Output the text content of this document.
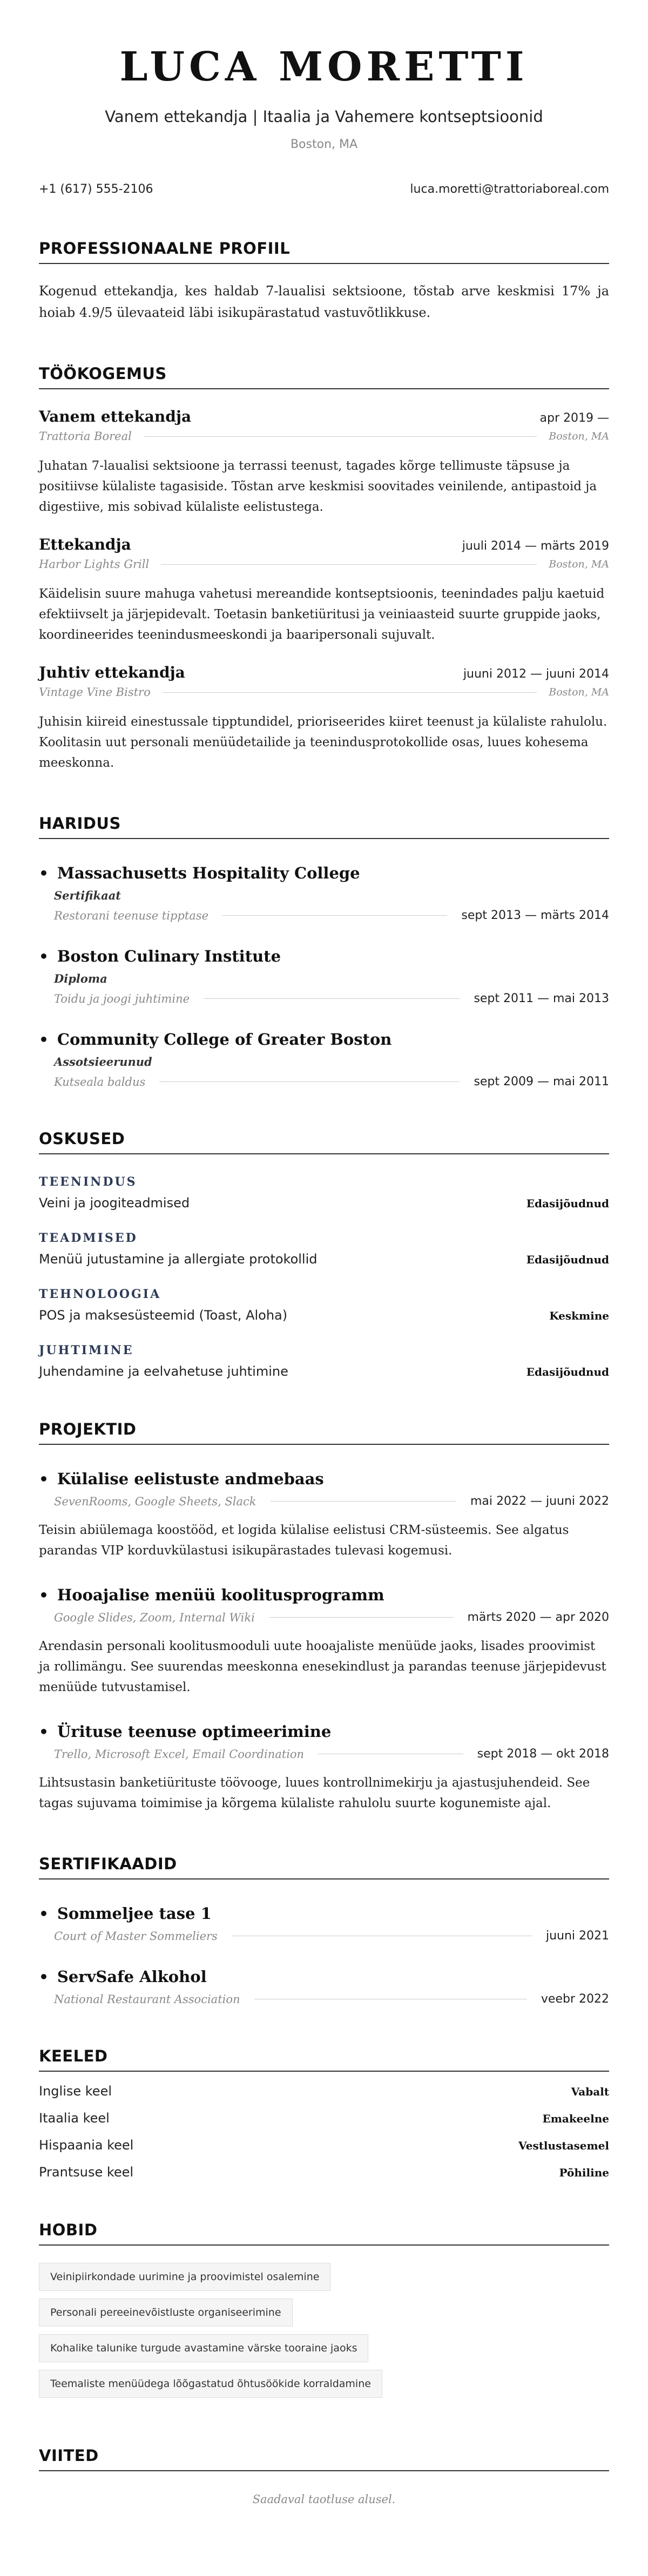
LUCA MORETTI
Vanem ettekandja | Itaalia ja Vahemere kontseptsioonid
Boston, MA
+1 (617) 555-2106	luca.moretti@trattoriaboreal.com
PROFESSIONAALNE PROFIIL
Kogenud ettekandja, kes haldab 7-laualisi sektsioone, tõstab arve keskmisi 17% ja hoiab 4.9/5 ülevaateid läbi isikupärastatud vastuvõtlikkuse.
TÖÖKOGEMUS
Vanem ettekandja	apr 2019 —
Trattoria Boreal	Boston, MA
Juhatan 7-laualisi sektsioone ja terrassi teenust, tagades kõrge tellimuste täpsuse ja positiivse külaliste tagasiside. Tõstan arve keskmisi soovitades veinilende, antipastoid ja digestiive, mis sobivad külaliste eelistustega.
Ettekandja	juuli 2014 — märts 2019
Harbor Lights Grill	Boston, MA
Käidelisin suure mahuga vahetusi mereandide kontseptsioonis, teenindades palju kaetuid efektiivselt ja järjepidevalt. Toetasin banketiüritusi ja veiniaasteid suurte gruppide jaoks, koordineerides teenindusmeeskondi ja baaripersonali sujuvalt.
Juhtiv ettekandja	juuni 2012 — juuni 2014
Vintage Vine Bistro	Boston, MA
Juhisin kiireid einestussale tipptundidel, prioriseerides kiiret teenust ja külaliste rahulolu. Koolitasin uut personali menüüdetailide ja teenindusprotokollide osas, luues kohesema meeskonna.
HARIDUS
• Massachusetts Hospitality College
Sertifikaat
Restorani teenuse tipptase	sept 2013 — märts 2014
• Boston Culinary Institute
Diploma
Toidu ja joogi juhtimine	sept 2011 — mai 2013
• Community College of Greater Boston
Assotsieerunud
Kutseala baldus	sept 2009 — mai 2011
OSKUSED
TEENINDUS
Veini ja joogiteadmised	Edasijõudnud
TEADMISED
Menüü jutustamine ja allergiate protokollid	Edasijõudnud
TEHNOLOOGIA
POS ja maksesüsteemid (Toast, Aloha)	Keskmine
JUHTIMINE
Juhendamine ja eelvahetuse juhtimine	Edasijõudnud
PROJEKTID
• Külalise eelistuste andmebaas
SevenRooms, Google Sheets, Slack	mai 2022 — juuni 2022
Teisin abiülemaga koostööd, et logida külalise eelistusi CRM-süsteemis. See algatus parandas VIP korduvkülastusi isikupärastades tulevasi kogemusi.
• Hooajalise menüü koolitusprogramm
Google Slides, Zoom, Internal Wiki	märts 2020 — apr 2020
Arendasin personali koolitusmooduli uute hooajaliste menüüde jaoks, lisades proovimist ja rollimängu. See suurendas meeskonna enesekindlust ja parandas teenuse järjepidevust menüüde tutvustamisel.
• Ürituse teenuse optimeerimine
Trello, Microsoft Excel, Email Coordination	sept 2018 — okt 2018
Lihtsustasin banketiürituste töövooge, luues kontrollnimekirju ja ajastusjuhendeid. See tagas sujuvama toimimise ja kõrgema külaliste rahulolu suurte kogunemiste ajal.
SERTIFIKAADID
• Sommeljee tase 1
Court of Master Sommeliers	juuni 2021
• ServSafe Alkohol
National Restaurant Association	veebr 2022
KEELED
Inglise keel	Vabalt
Itaalia keel	Emakeelne
Hispaania keel	Vestlustasemel
Prantsuse keel	Põhiline
HOBID
Veinipiirkondade uurimine ja proovimistel osalemine
Personali pereeinevõistluste organiseerimine
Kohalike talunike turgude avastamine värske tooraine jaoks
Teemaliste menüüdega lõõgastatud õhtusöökide korraldamine
VIITED
Saadaval taotluse alusel.
